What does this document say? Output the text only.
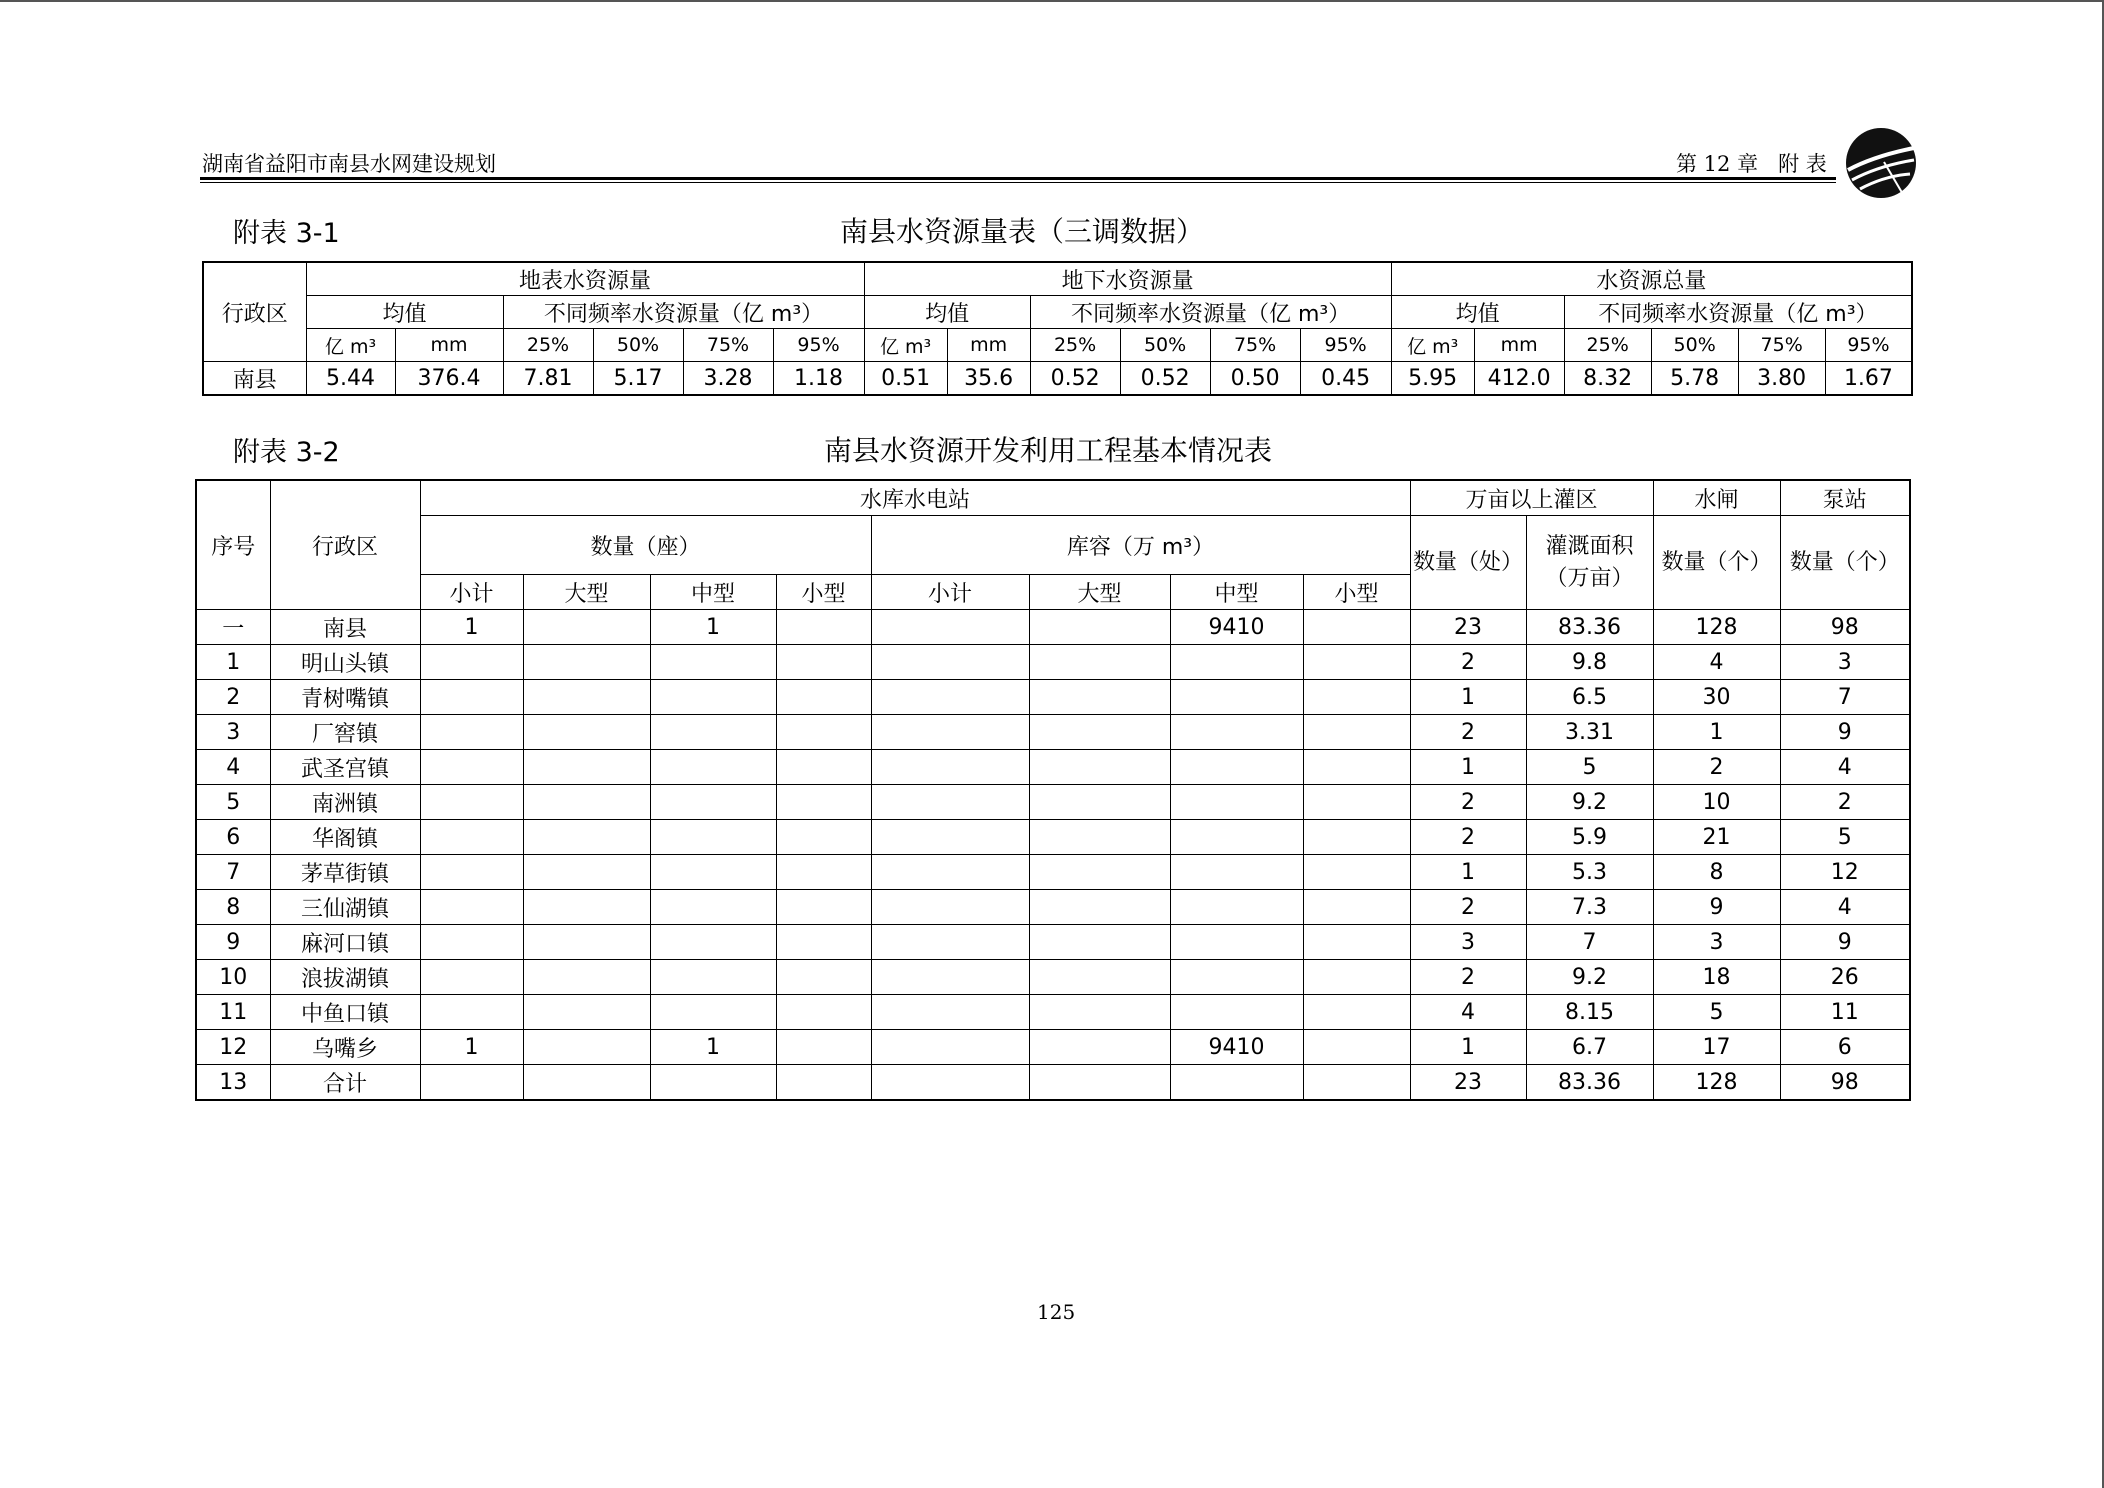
湖南省益阳市南县水网建设规划	第 12 章   附 表
附表 3-1	南县水资源量表（三调数据）
行政区	地表水资源量						地下水资源量						水资源总量					
	均值		不同频率水资源量（亿 m³）				均值		不同频率水资源量（亿 m³）				均值		不同频率水资源量（亿 m³）			
	亿 m³	mm	25%	50%	75%	95%	亿 m³	mm	25%	50%	75%	95%	亿 m³	mm	25%	50%	75%	95%
南县	5.44	376.4	7.81	5.17	3.28	1.18	0.51	35.6	0.52	0.52	0.50	0.45	5.95	412.0	8.32	5.78	3.80	1.67
附表 3-2	南县水资源开发利用工程基本情况表
序号	行政区	水库水电站								万亩以上灌区		水闸	泵站
		数量（座）				库容（万 m³）				数量（处）	灌溉面积（万亩）	数量（个）	数量（个）
		小计	大型	中型	小型	小计	大型	中型	小型				
一	南县	1		1				9410		23	83.36	128	98
1	明山头镇									2	9.8	4	3
2	青树嘴镇									1	6.5	30	7
3	厂窖镇									2	3.31	1	9
4	武圣宫镇									1	5	2	4
5	南洲镇									2	9.2	10	2
6	华阁镇									2	5.9	21	5
7	茅草街镇									1	5.3	8	12
8	三仙湖镇									2	7.3	9	4
9	麻河口镇									3	7	3	9
10	浪拔湖镇									2	9.2	18	26
11	中鱼口镇									4	8.15	5	11
12	乌嘴乡	1		1				9410		1	6.7	17	6
13	合计									23	83.36	128	98
125
